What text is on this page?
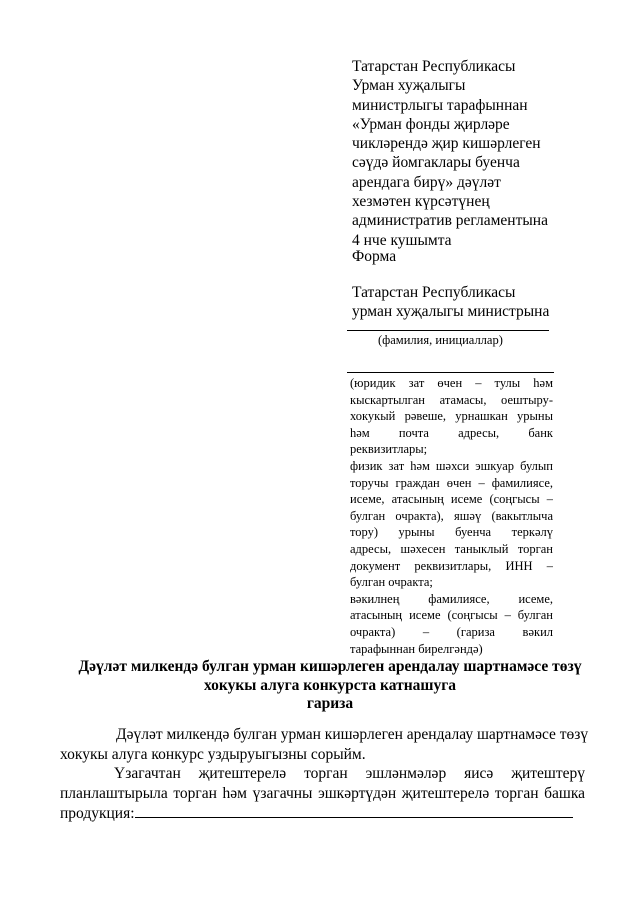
Татарстан Республикасы
Урман хуҗалыгы
министрлыгы тарафыннан
«Урман фонды җирләре
чикләрендә җир кишәрлеген
сәүдә йомгаклары буенча
арендага бирү» дәүләт
хезмәтен күрсәтүнең
административ регламентына
4 нче кушымта
Форма
Татарстан Республикасы
урман хуҗалыгы министрына
(фамилия, инициаллар)
(юридик зат өчен – тулы һәм
кыскартылган атамасы, оештыру-
хокукый рәвеше, урнашкан урыны
һәм почта адресы, банк
реквизитлары;
физик зат һәм шәхси эшкуар булып
торучы граждан өчен – фамилиясе,
исеме, атасының исеме (соңгысы –
булган очракта), яшәү (вакытлыча
тору) урыны буенча теркәлү
адресы, шәхесен таныклый торган
документ реквизитлары, ИНН –
булган очракта;
вәкилнең фамилиясе, исеме,
атасының исеме (соңгысы – булган
очракта) – (гариза вәкил
тарафыннан бирелгәндә)
Дәүләт милкендә булган урман кишәрлеген арендалау шартнамәсе төзү
хокукы алуга конкурста катнашуга
гариза
Дәүләт милкендә булган урман кишәрлеген арендалау шартнамәсе төзү
хокукы алуга конкурс уздыруыгызны сорыйм.
Үзагачтан җитештерелә торган эшләнмәләр яисә җитештерү
планлаштырыла торган һәм үзагачны эшкәртүдән җитештерелә торган башка
продукция:
